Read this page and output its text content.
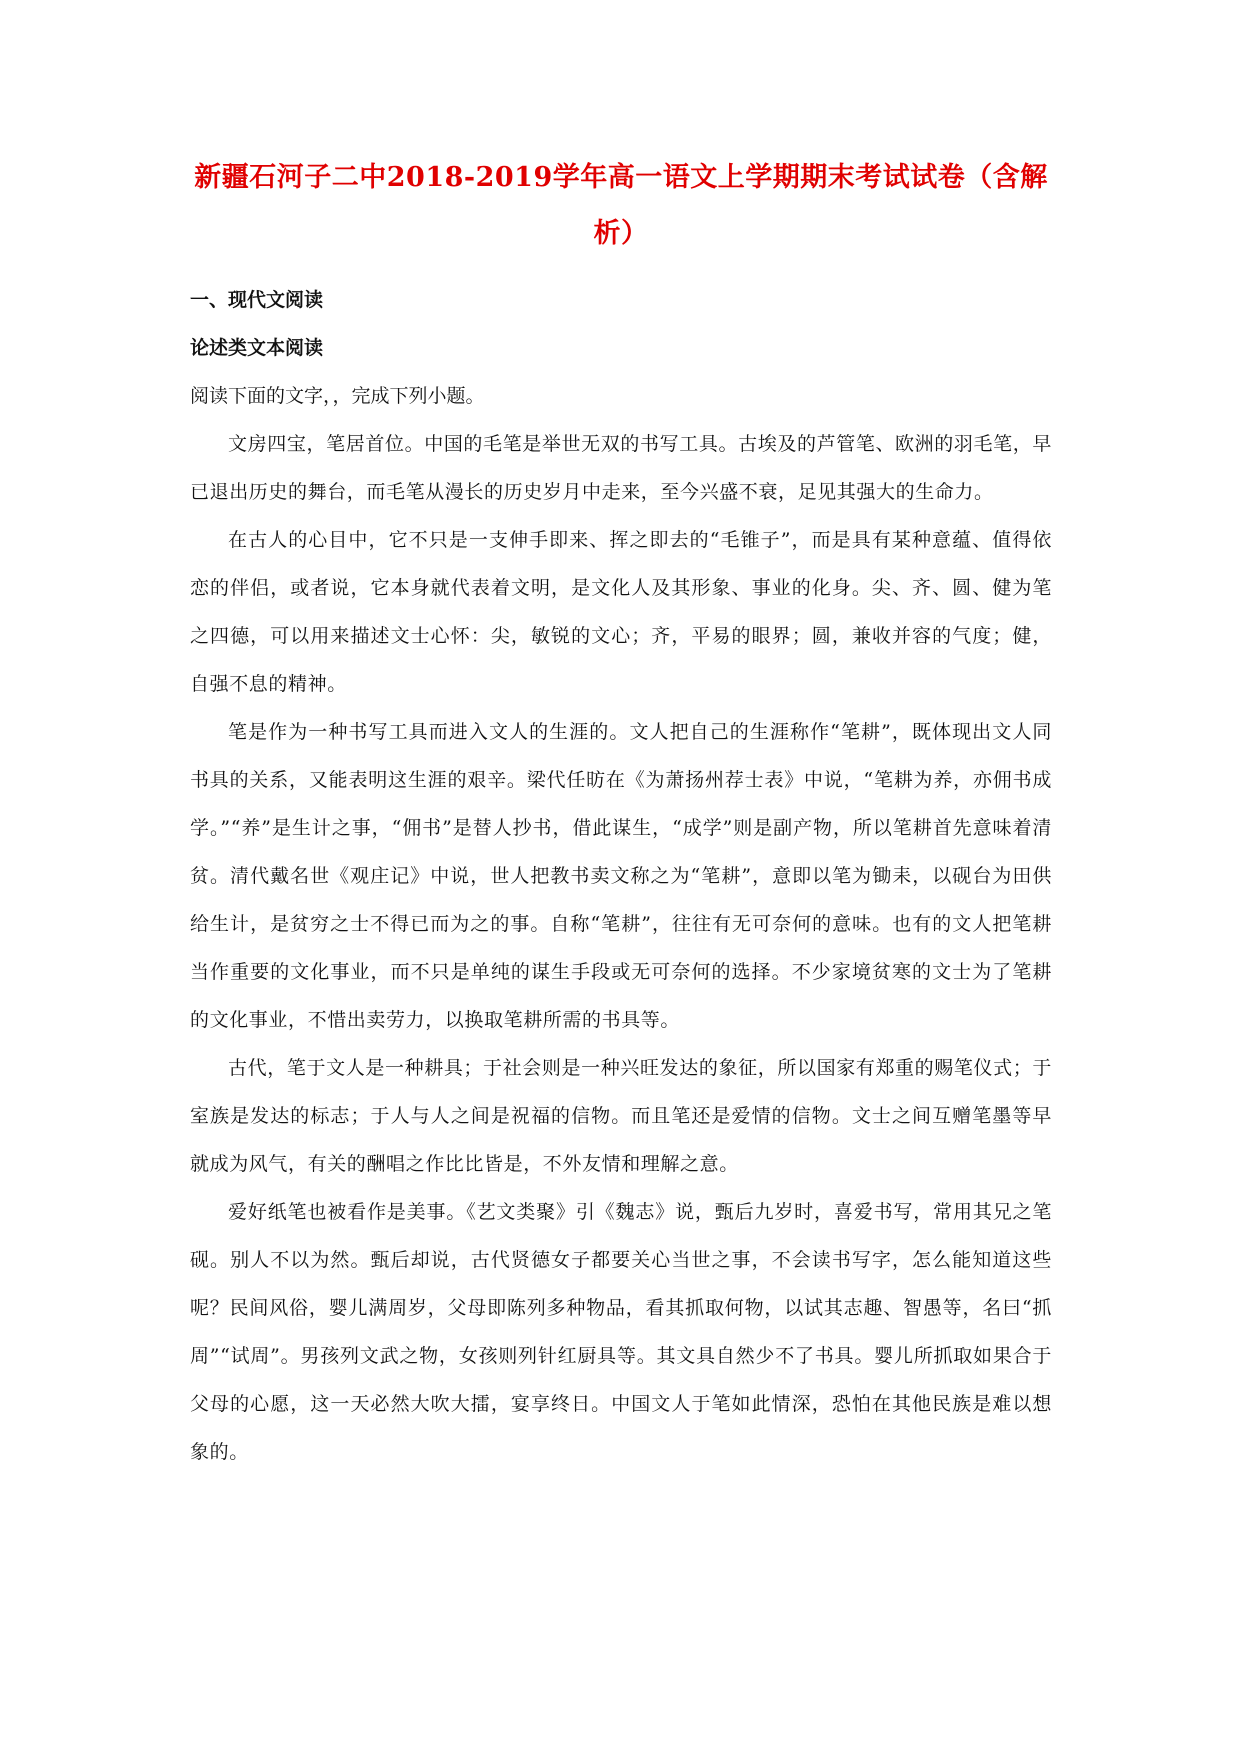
新疆石河子二中2018-2019学年高一语文上学期期末考试试卷（含解析）

一、现代文阅读

论述类文本阅读

阅读下面的文字，，完成下列小题。

文房四宝，笔居首位。中国的毛笔是举世无双的书写工具。古埃及的芦管笔、欧洲的羽毛笔，早已退出历史的舞台，而毛笔从漫长的历史岁月中走来，至今兴盛不衰，足见其强大的生命力。

在古人的心目中，它不只是一支伸手即来、挥之即去的“毛锥子”，而是具有某种意蕴、值得依恋的伴侣，或者说，它本身就代表着文明，是文化人及其形象、事业的化身。尖、齐、圆、健为笔之四德，可以用来描述文士心怀：尖，敏锐的文心；齐，平易的眼界；圆，兼收并容的气度；健，自强不息的精神。

笔是作为一种书写工具而进入文人的生涯的。文人把自己的生涯称作“笔耕”，既体现出文人同书具的关系，又能表明这生涯的艰辛。梁代任昉在《为萧扬州荐士表》中说，“笔耕为养，亦佣书成学。”“养”是生计之事，“佣书”是替人抄书，借此谋生，“成学”则是副产物，所以笔耕首先意味着清贫。清代戴名世《观庄记》中说，世人把教书卖文称之为“笔耕”，意即以笔为锄耒，以砚台为田供给生计，是贫穷之士不得已而为之的事。自称“笔耕”，往往有无可奈何的意味。也有的文人把笔耕当作重要的文化事业，而不只是单纯的谋生手段或无可奈何的选择。不少家境贫寒的文士为了笔耕的文化事业，不惜出卖劳力，以换取笔耕所需的书具等。

古代，笔于文人是一种耕具；于社会则是一种兴旺发达的象征，所以国家有郑重的赐笔仪式；于室族是发达的标志；于人与人之间是祝福的信物。而且笔还是爱情的信物。文士之间互赠笔墨等早就成为风气，有关的酬唱之作比比皆是，不外友情和理解之意。

爱好纸笔也被看作是美事。《艺文类聚》引《魏志》说，甄后九岁时，喜爱书写，常用其兄之笔砚。别人不以为然。甄后却说，古代贤德女子都要关心当世之事，不会读书写字，怎么能知道这些呢？民间风俗，婴儿满周岁，父母即陈列多种物品，看其抓取何物，以试其志趣、智愚等，名曰“抓周”“试周”。男孩列文武之物，女孩则列针红厨具等。其文具自然少不了书具。婴儿所抓取如果合于父母的心愿，这一天必然大吹大擂，宴享终日。中国文人于笔如此情深，恐怕在其他民族是难以想象的。
